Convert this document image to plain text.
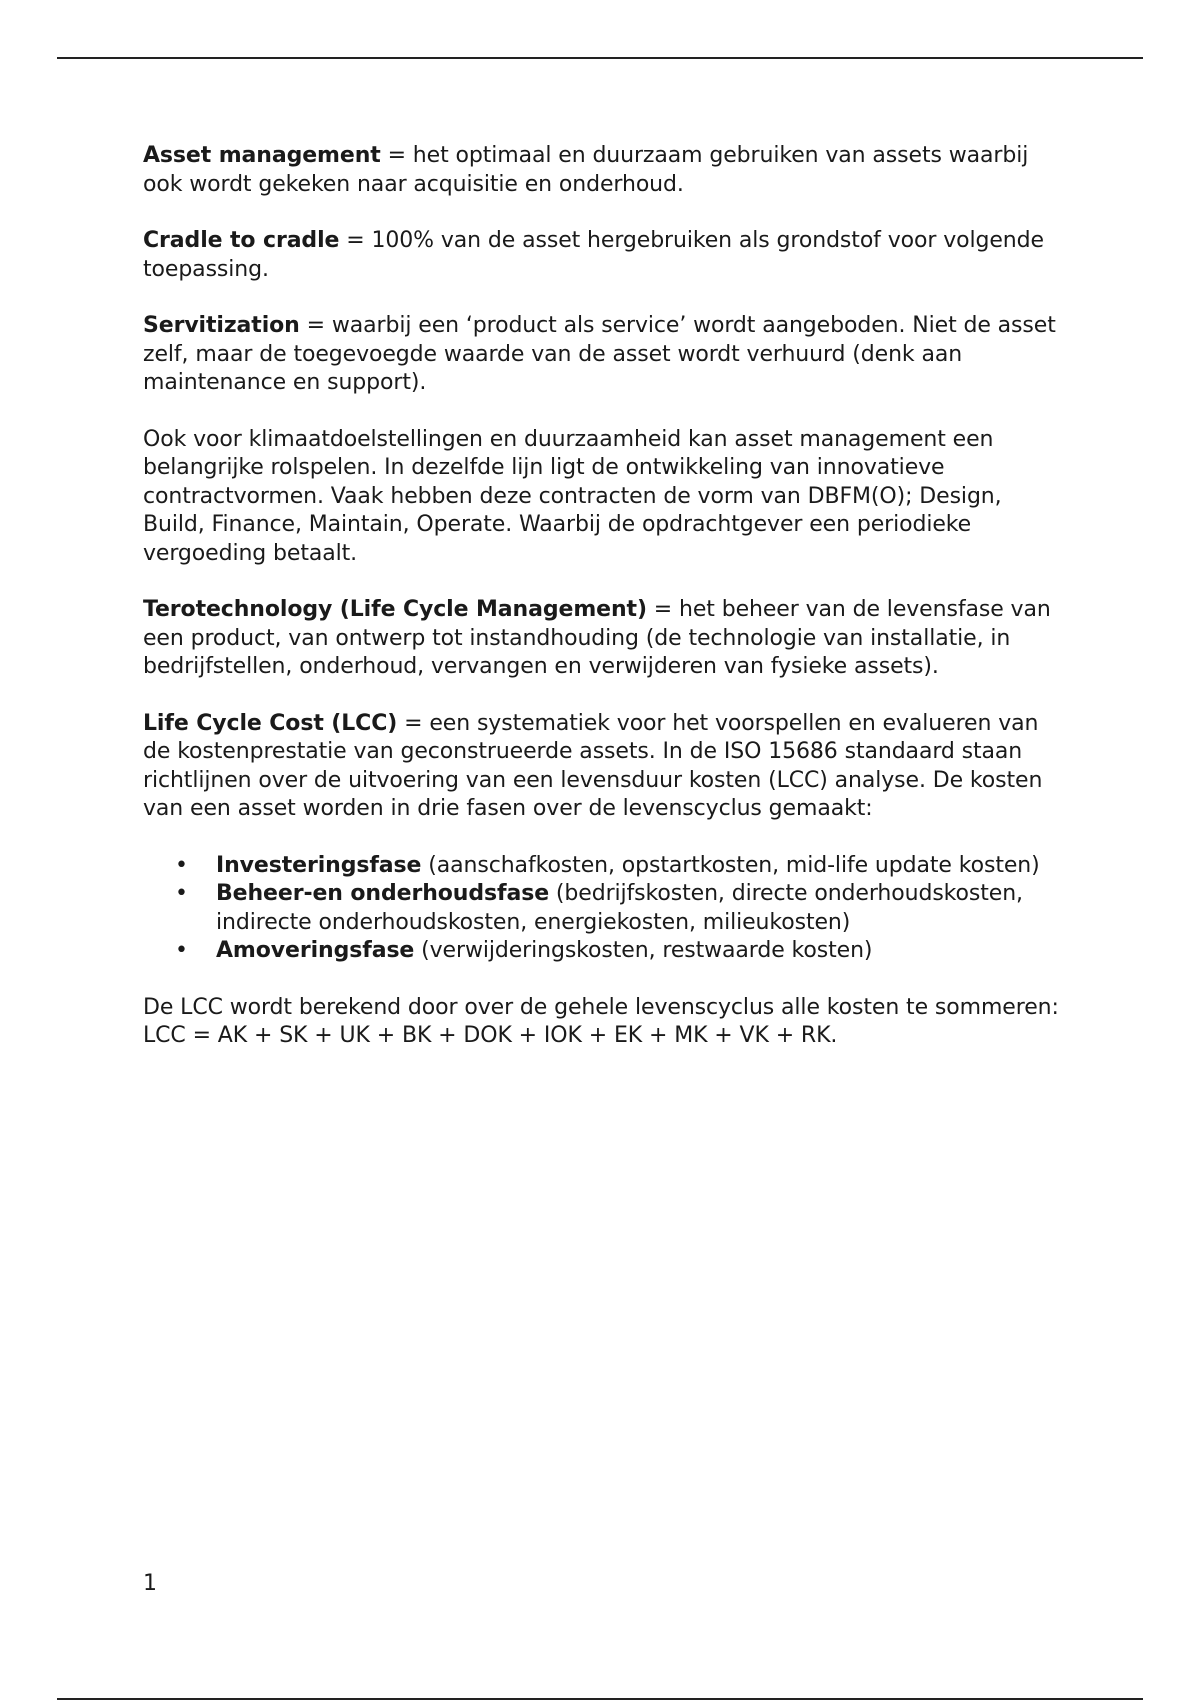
Asset management = het optimaal en duurzaam gebruiken van assets waarbij ook wordt gekeken naar acquisitie en onderhoud.

Cradle to cradle = 100% van de asset hergebruiken als grondstof voor volgende toepassing.

Servitization = waarbij een ‘product als service’ wordt aangeboden. Niet de asset zelf, maar de toegevoegde waarde van de asset wordt verhuurd (denk aan maintenance en support).

Ook voor klimaatdoelstellingen en duurzaamheid kan asset management een belangrijke rolspelen. In dezelfde lijn ligt de ontwikkeling van innovatieve contractvormen. Vaak hebben deze contracten de vorm van DBFM(O); Design, Build, Finance, Maintain, Operate. Waarbij de opdrachtgever een periodieke vergoeding betaalt.

Terotechnology (Life Cycle Management) = het beheer van de levensfase van een product, van ontwerp tot instandhouding (de technologie van installatie, in bedrijfstellen, onderhoud, vervangen en verwijderen van fysieke assets).

Life Cycle Cost (LCC) = een systematiek voor het voorspellen en evalueren van de kostenprestatie van geconstrueerde assets. In de ISO 15686 standaard staan richtlijnen over de uitvoering van een levensduur kosten (LCC) analyse. De kosten van een asset worden in drie fasen over de levenscyclus gemaakt:

• Investeringsfase (aanschafkosten, opstartkosten, mid-life update kosten)
• Beheer-en onderhoudsfase (bedrijfskosten, directe onderhoudskosten, indirecte onderhoudskosten, energiekosten, milieukosten)
• Amoveringsfase (verwijderingskosten, restwaarde kosten)

De LCC wordt berekend door over de gehele levenscyclus alle kosten te sommeren:

LCC = AK + SK + UK + BK + DOK + IOK + EK + MK + VK + RK.

1
